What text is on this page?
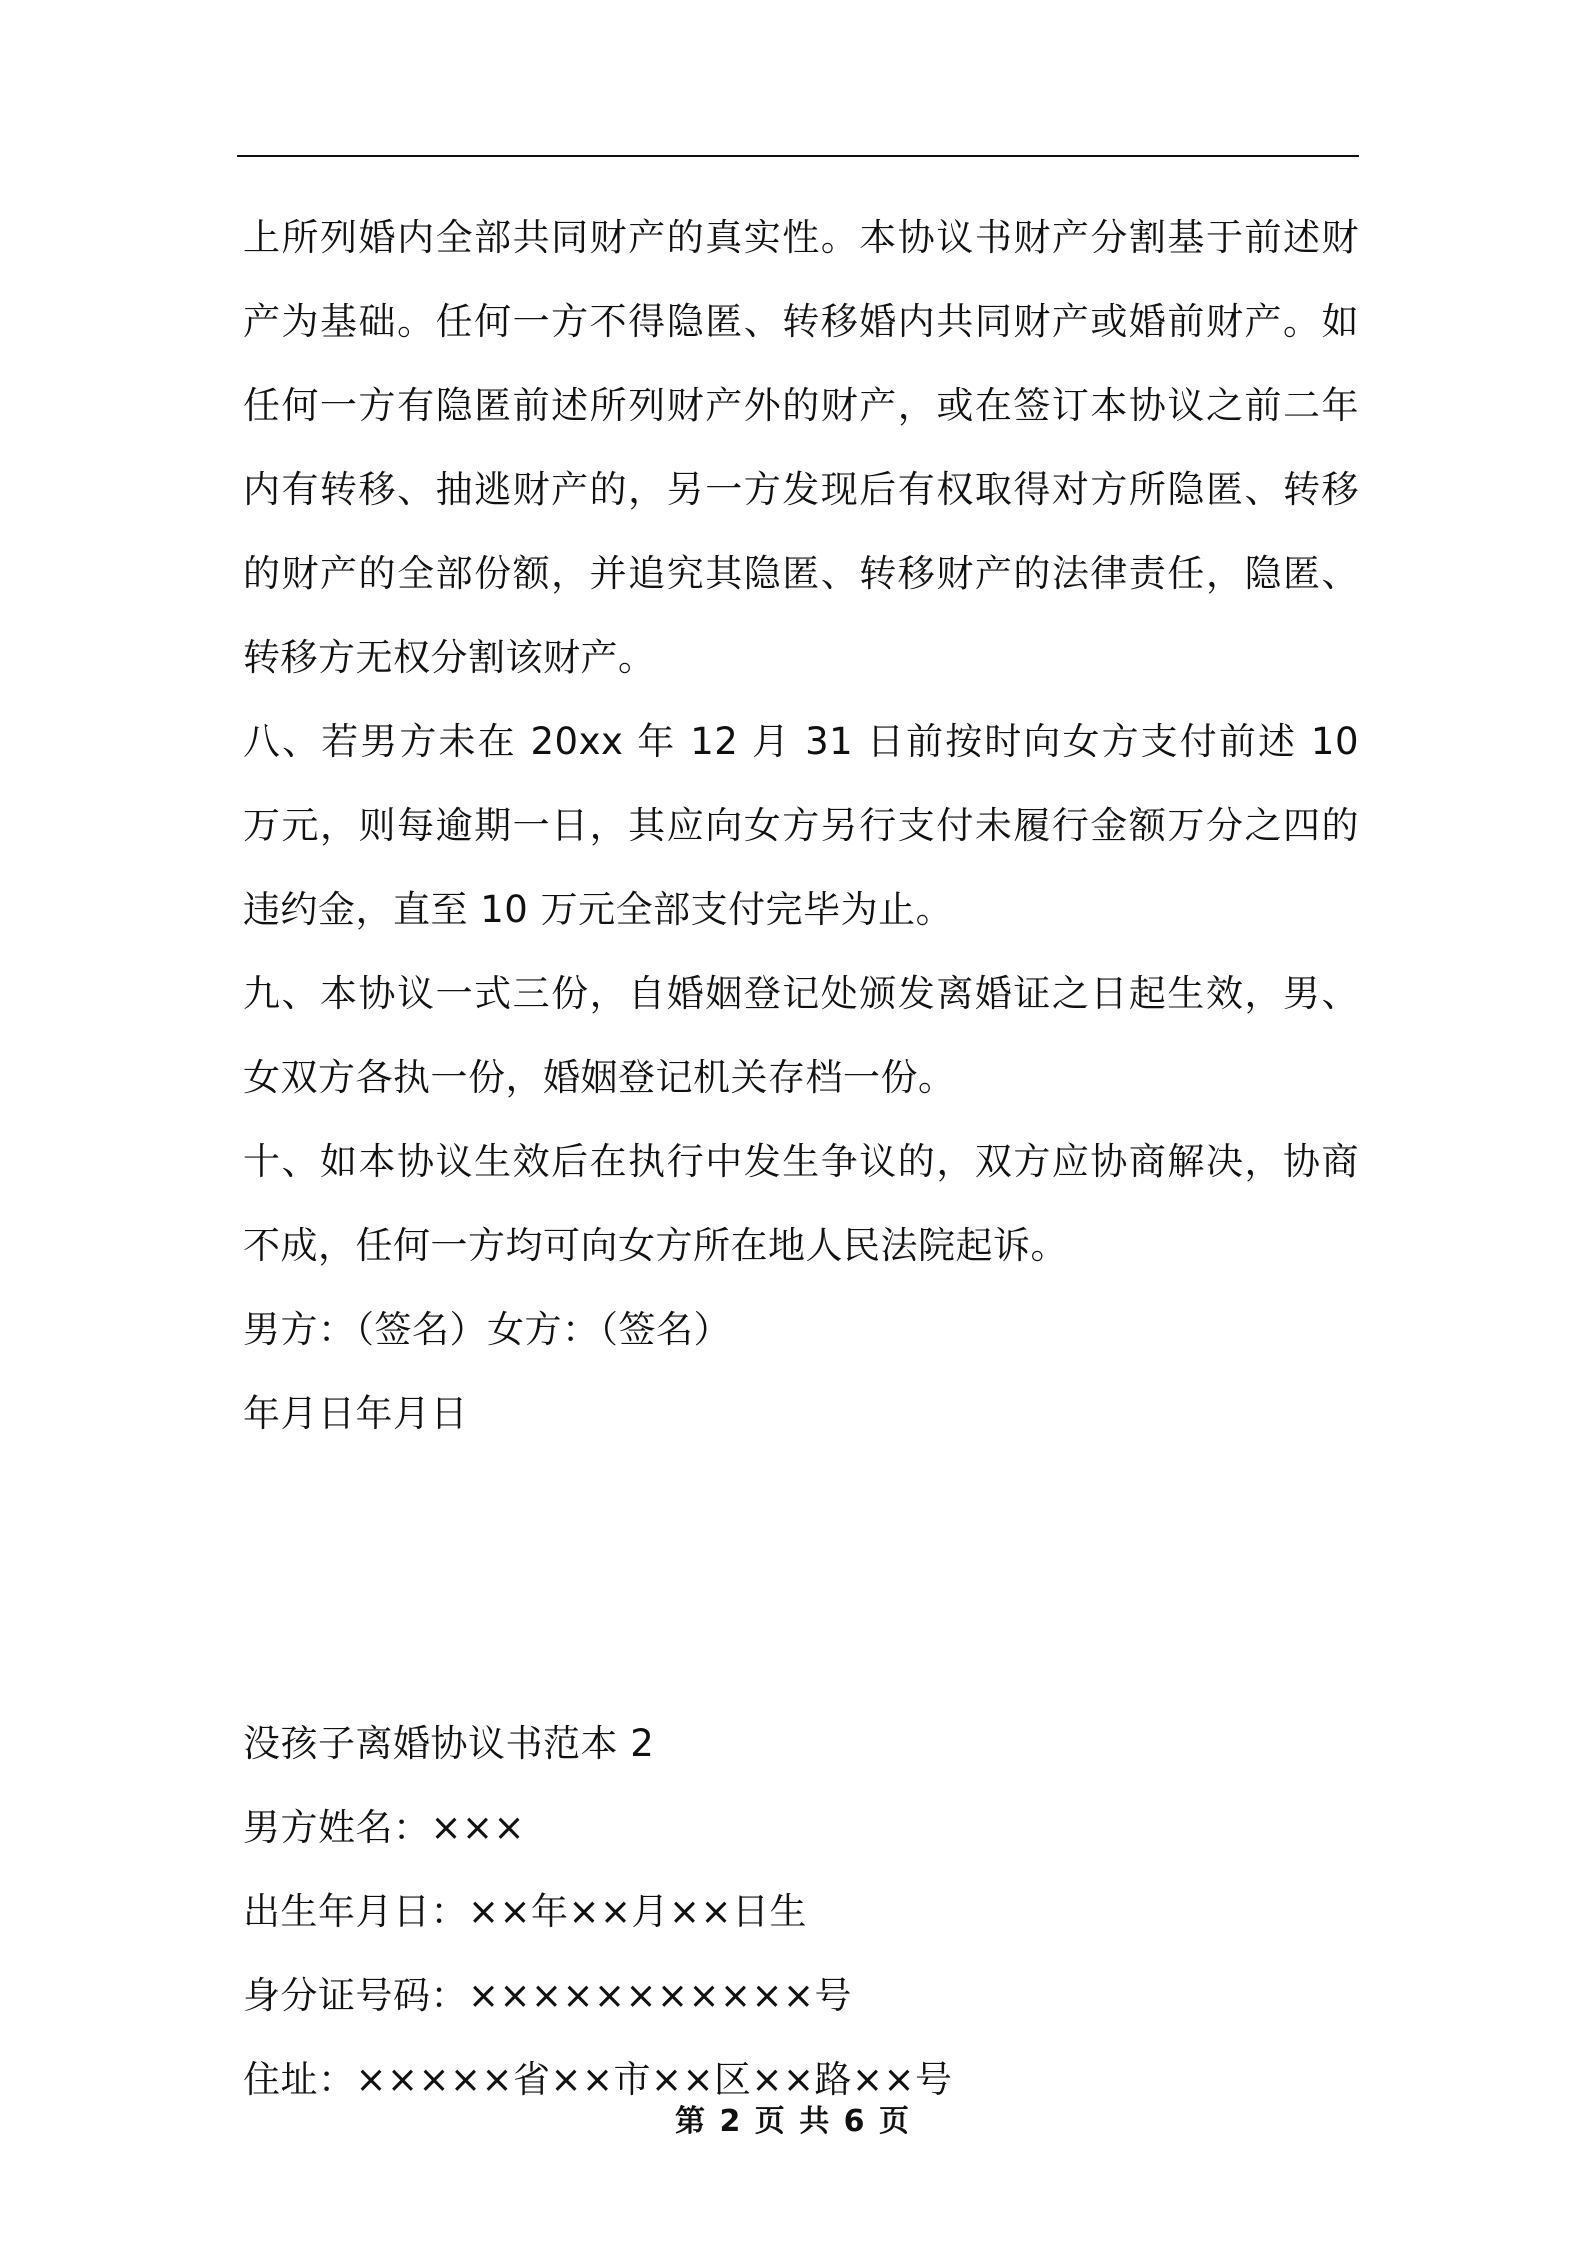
上所列婚内全部共同财产的真实性。本协议书财产分割基于前述财产为基础。任何一方不得隐匿、转移婚内共同财产或婚前财产。如任何一方有隐匿前述所列财产外的财产，或在签订本协议之前二年内有转移、抽逃财产的，另一方发现后有权取得对方所隐匿、转移的财产的全部份额，并追究其隐匿、转移财产的法律责任，隐匿、转移方无权分割该财产。

八、若男方未在 20xx 年 12 月 31 日前按时向女方支付前述 10 万元，则每逾期一日，其应向女方另行支付未履行金额万分之四的违约金，直至 10 万元全部支付完毕为止。

九、本协议一式三份，自婚姻登记处颁发离婚证之日起生效，男、女双方各执一份，婚姻登记机关存档一份。

十、如本协议生效后在执行中发生争议的，双方应协商解决，协商不成，任何一方均可向女方所在地人民法院起诉。

男方：（签名）女方：（签名）

年月日年月日

没孩子离婚协议书范本 2

男方姓名：×××

出生年月日：××年××月××日生

身分证号码：×××××××××××号

住址：×××××省××市××区××路××号

第 2 页 共 6 页
